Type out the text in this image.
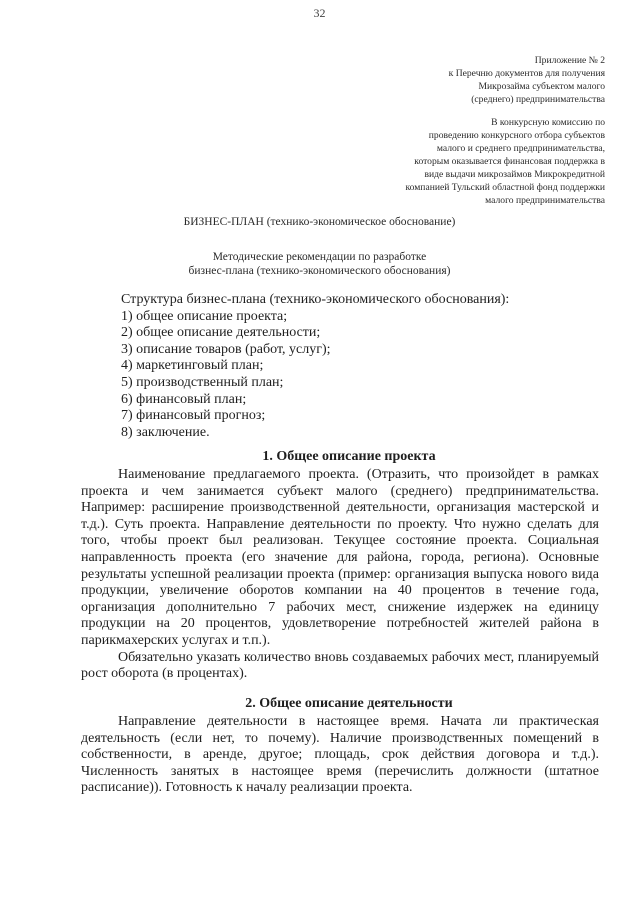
32
Приложение № 2
к Перечню документов для получения
Микрозайма субъектом малого
(среднего) предпринимательства
В конкурсную комиссию по
проведению конкурсного отбора субъектов
малого и среднего предпринимательства,
которым оказывается финансовая поддержка в
виде выдачи микрозаймов Микрокредитной
компанией Тульский областной фонд поддержки
малого предпринимательства
БИЗНЕС-ПЛАН (технико-экономическое обоснование)
Методические рекомендации по разработке
бизнес-плана (технико-экономического обоснования)
Структура бизнес-плана (технико-экономического обоснования):
1) общее описание проекта;
2) общее описание деятельности;
3) описание товаров (работ, услуг);
4) маркетинговый план;
5) производственный план;
6) финансовый план;
7) финансовый прогноз;
8) заключение.
1. Общее описание проекта

Наименование предлагаемого проекта. (Отразить, что произойдет в рамках проекта и чем занимается субъект малого (среднего) предпринимательства. Например: расширение производственной деятельности, организация мастерской и т.д.). Суть проекта. Направление деятельности по проекту. Что нужно сделать для того, чтобы проект был реализован. Текущее состояние проекта. Социальная направленность проекта (его значение для района, города, региона). Основные результаты успешной реализации проекта (пример: организация выпуска нового вида продукции, увеличение оборотов компании на 40 процентов в течение года, организация дополнительно 7 рабочих мест, снижение издержек на единицу продукции на 20 процентов, удовлетворение потребностей жителей района в парикмахерских услугах и т.п.).

Обязательно указать количество вновь создаваемых рабочих мест, планируемый рост оборота (в процентах).

2. Общее описание деятельности

Направление деятельности в настоящее время. Начата ли практическая деятельность (если нет, то почему). Наличие производственных помещений в собственности, в аренде, другое; площадь, срок действия договора и т.д.). Численность занятых в настоящее время (перечислить должности (штатное расписание)). Готовность к началу реализации проекта.
